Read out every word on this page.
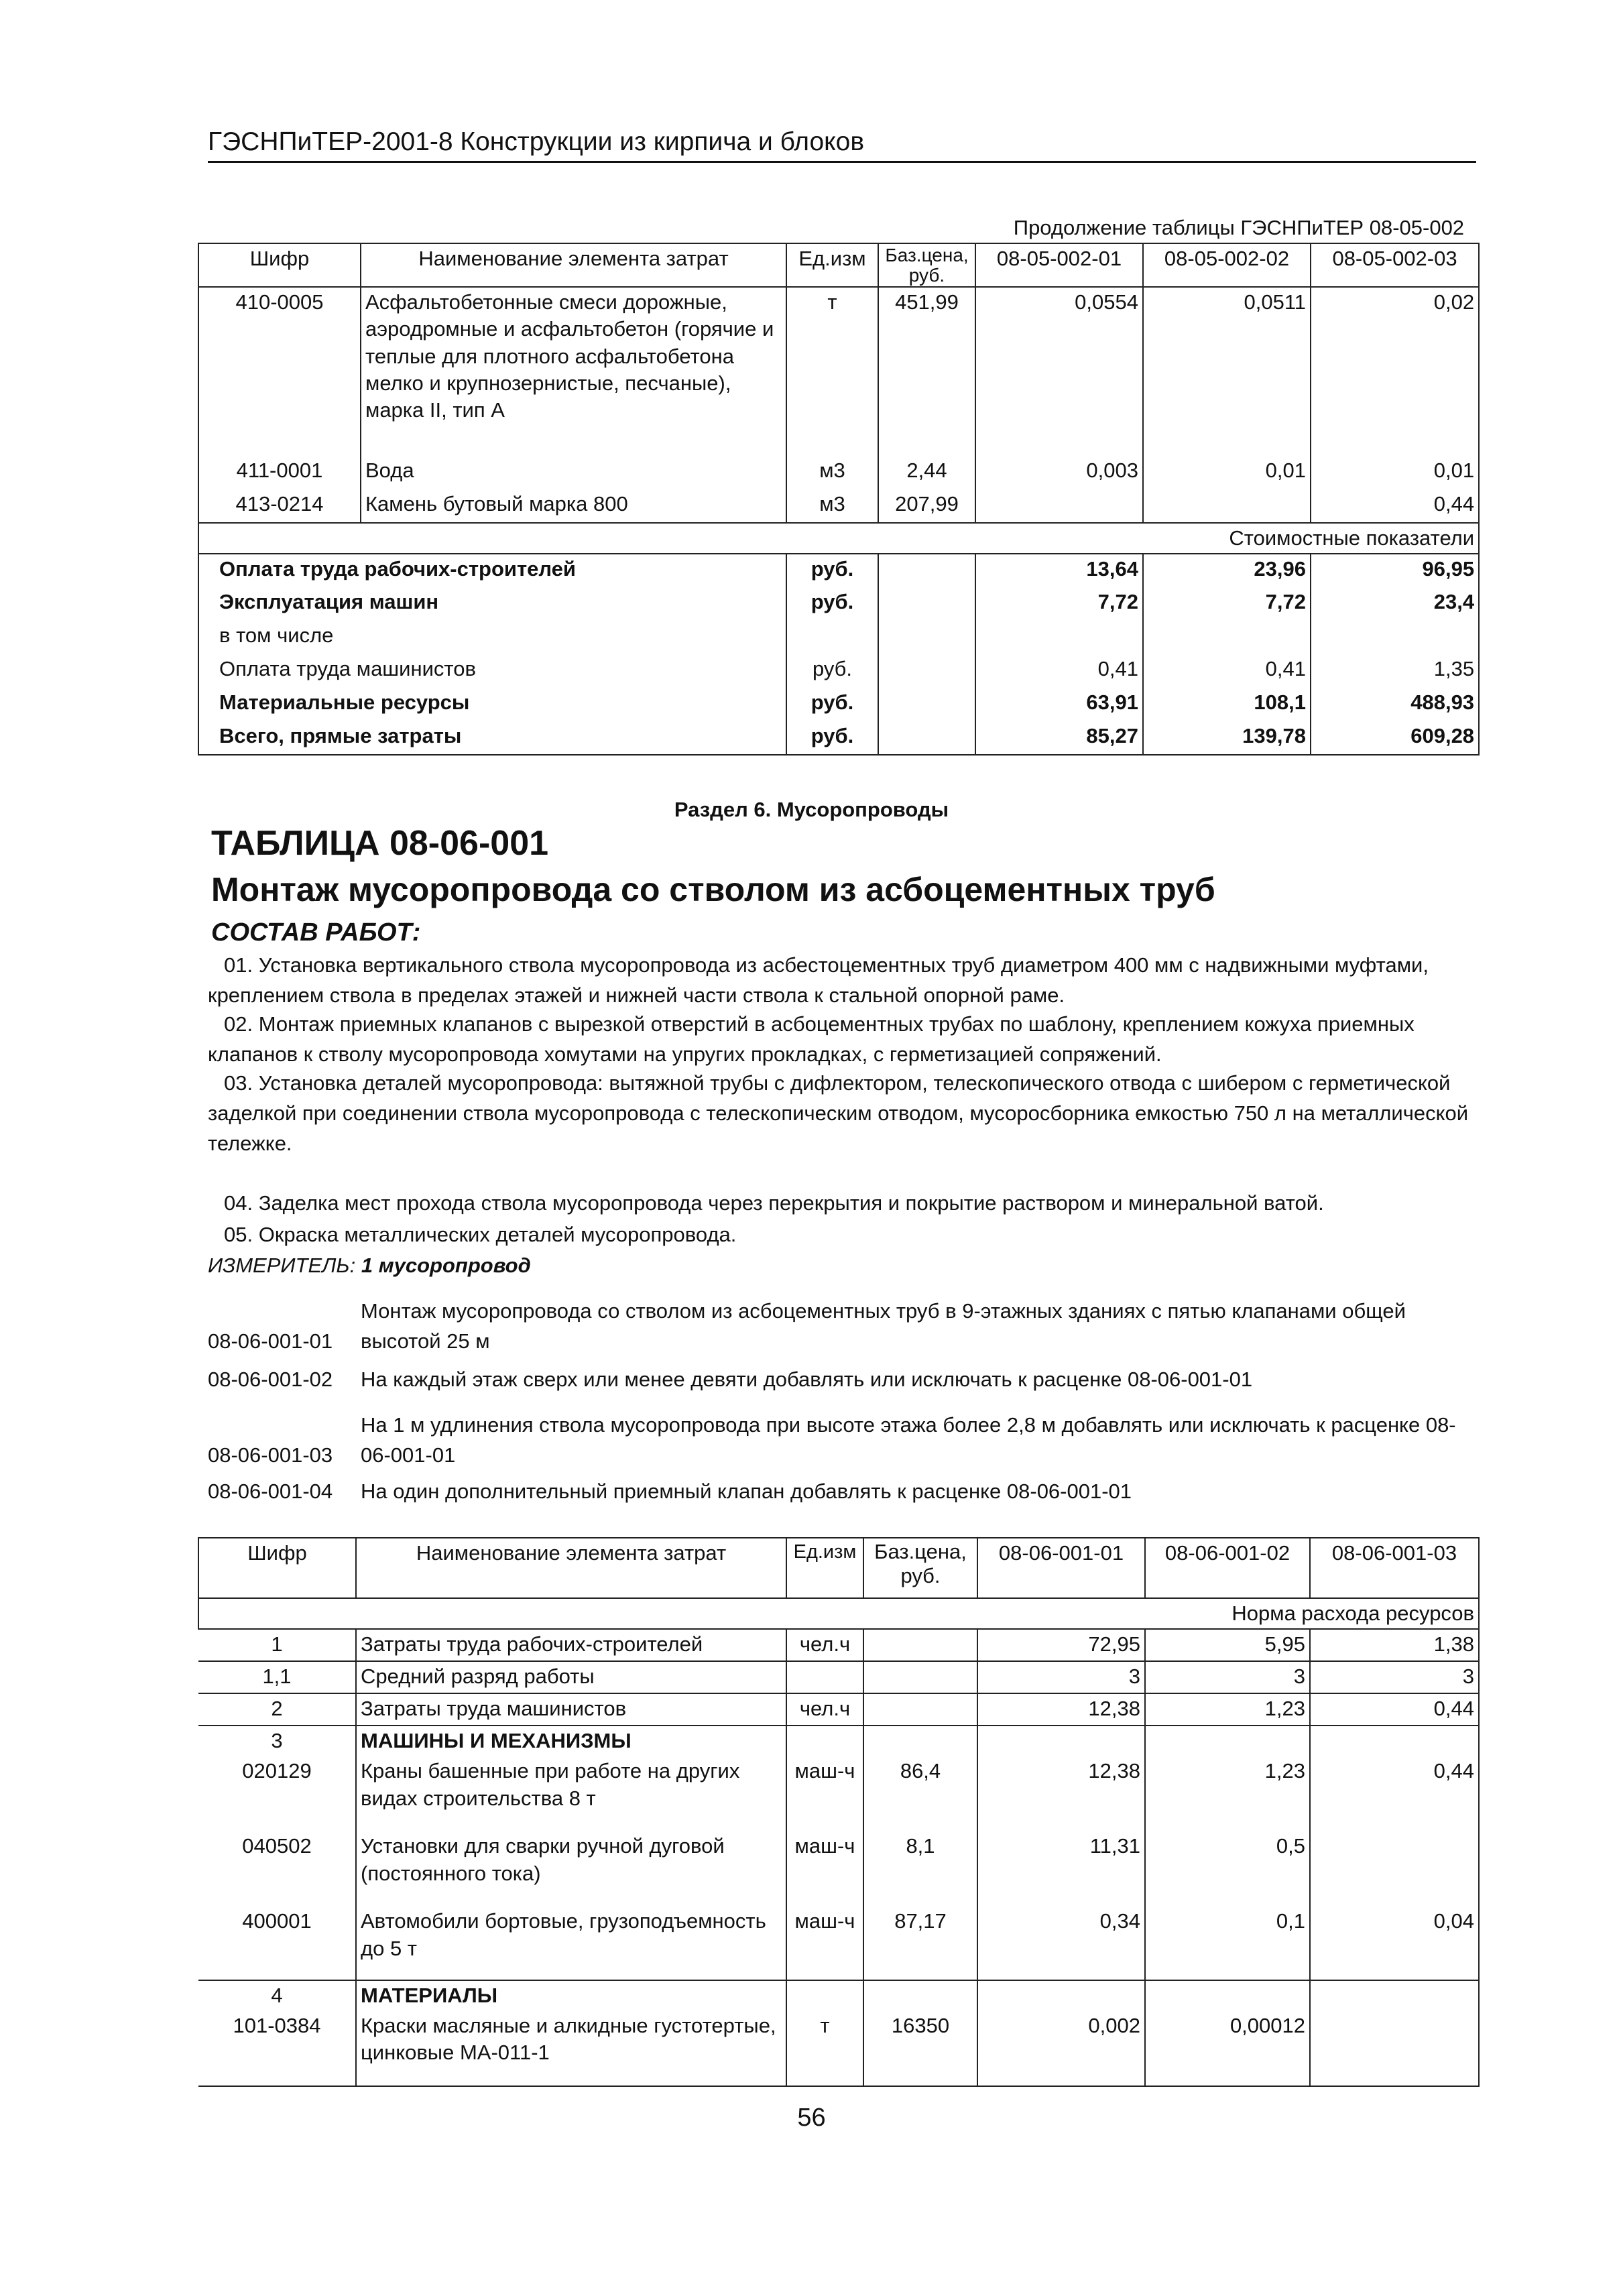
ГЭСНПиТЕР-2001-8 Конструкции из кирпича и блоков
Продолжение таблицы ГЭСНПиТЕР 08-05-002						
Шифр	Наименование элемента затрат	Ед.изм	Баз.цена, руб.	08-05-002-01	08-05-002-02	08-05-002-03
410-0005	Асфальтобетонные смеси дорожные, аэродромные и асфальтобетон (горячие и теплые для плотного асфальтобетона мелко и крупнозернистые, песчаные), марка II, тип А	т	451,99	0,0554	0,0511	0,02
411-0001	Вода	м3	2,44	0,003	0,01	0,01
413-0214	Камень бутовый марка 800	м3	207,99			0,44
Стоимостные показатели						
Оплата труда рабочих-строителей		руб.		13,64	23,96	96,95
Эксплуатация машин		руб.		7,72	7,72	23,4
в том числе						
Оплата труда машинистов		руб.		0,41	0,41	1,35
Материальные ресурсы		руб.		63,91	108,1	488,93
Всего, прямые затраты		руб.		85,27	139,78	609,28
Раздел 6. Мусоропроводы
ТАБЛИЦА 08-06-001
Монтаж мусоропровода со стволом из асбоцементных труб
СОСТАВ РАБОТ:
01. Установка вертикального ствола мусоропровода из асбестоцементных труб диаметром 400 мм с надвижными муфтами, креплением ствола в пределах этажей и нижней части ствола к стальной опорной раме.
02. Монтаж приемных клапанов с вырезкой отверстий в асбоцементных трубах по шаблону, креплением кожуха приемных клапанов к стволу мусоропровода хомутами на упругих прокладках, с герметизацией сопряжений.
03. Установка деталей мусоропровода: вытяжной трубы с дифлектором, телескопического отвода с шибером с герметической заделкой при соединении ствола мусоропровода с телескопическим отводом, мусоросборника емкостью 750 л на металлической тележке.
04. Заделка мест прохода ствола мусоропровода через перекрытия и покрытие раствором и минеральной ватой.
05. Окраска металлических деталей мусоропровода.
ИЗМЕРИТЕЛЬ: 1 мусоропровод
08-06-001-01
Монтаж мусоропровода со стволом из асбоцементных труб в 9-этажных зданиях с пятью клапанами общей высотой 25 м
08-06-001-02 На каждый этаж сверх или менее девяти добавлять или исключать к расценке 08-06-001-01
08-06-001-03
На 1 м удлинения ствола мусоропровода при высоте этажа более 2,8 м добавлять или исключать к расценке 08-06-001-01
08-06-001-04 На один дополнительный приемный клапан добавлять к расценке 08-06-001-01
Шифр	Наименование элемента затрат	Ед.изм	Баз.цена, руб.	08-06-001-01	08-06-001-02	08-06-001-03
Норма расхода ресурсов						
1	Затраты труда рабочих-строителей	чел.ч		72,95	5,95	1,38
1,1	Средний разряд работы			3	3	3
2	Затраты труда машинистов	чел.ч		12,38	1,23	0,44
3	МАШИНЫ И МЕХАНИЗМЫ					
020129	Краны башенные при работе на других видах строительства 8 т	маш-ч	86,4	12,38	1,23	0,44
040502	Установки для сварки ручной дуговой (постоянного тока)	маш-ч	8,1	11,31	0,5	
400001	Автомобили бортовые, грузоподъемность до 5 т	маш-ч	87,17	0,34	0,1	0,04
4	МАТЕРИАЛЫ					
101-0384	Краски масляные и алкидные густотертые, цинковые МА-011-1	т	16350	0,002	0,00012	
56
